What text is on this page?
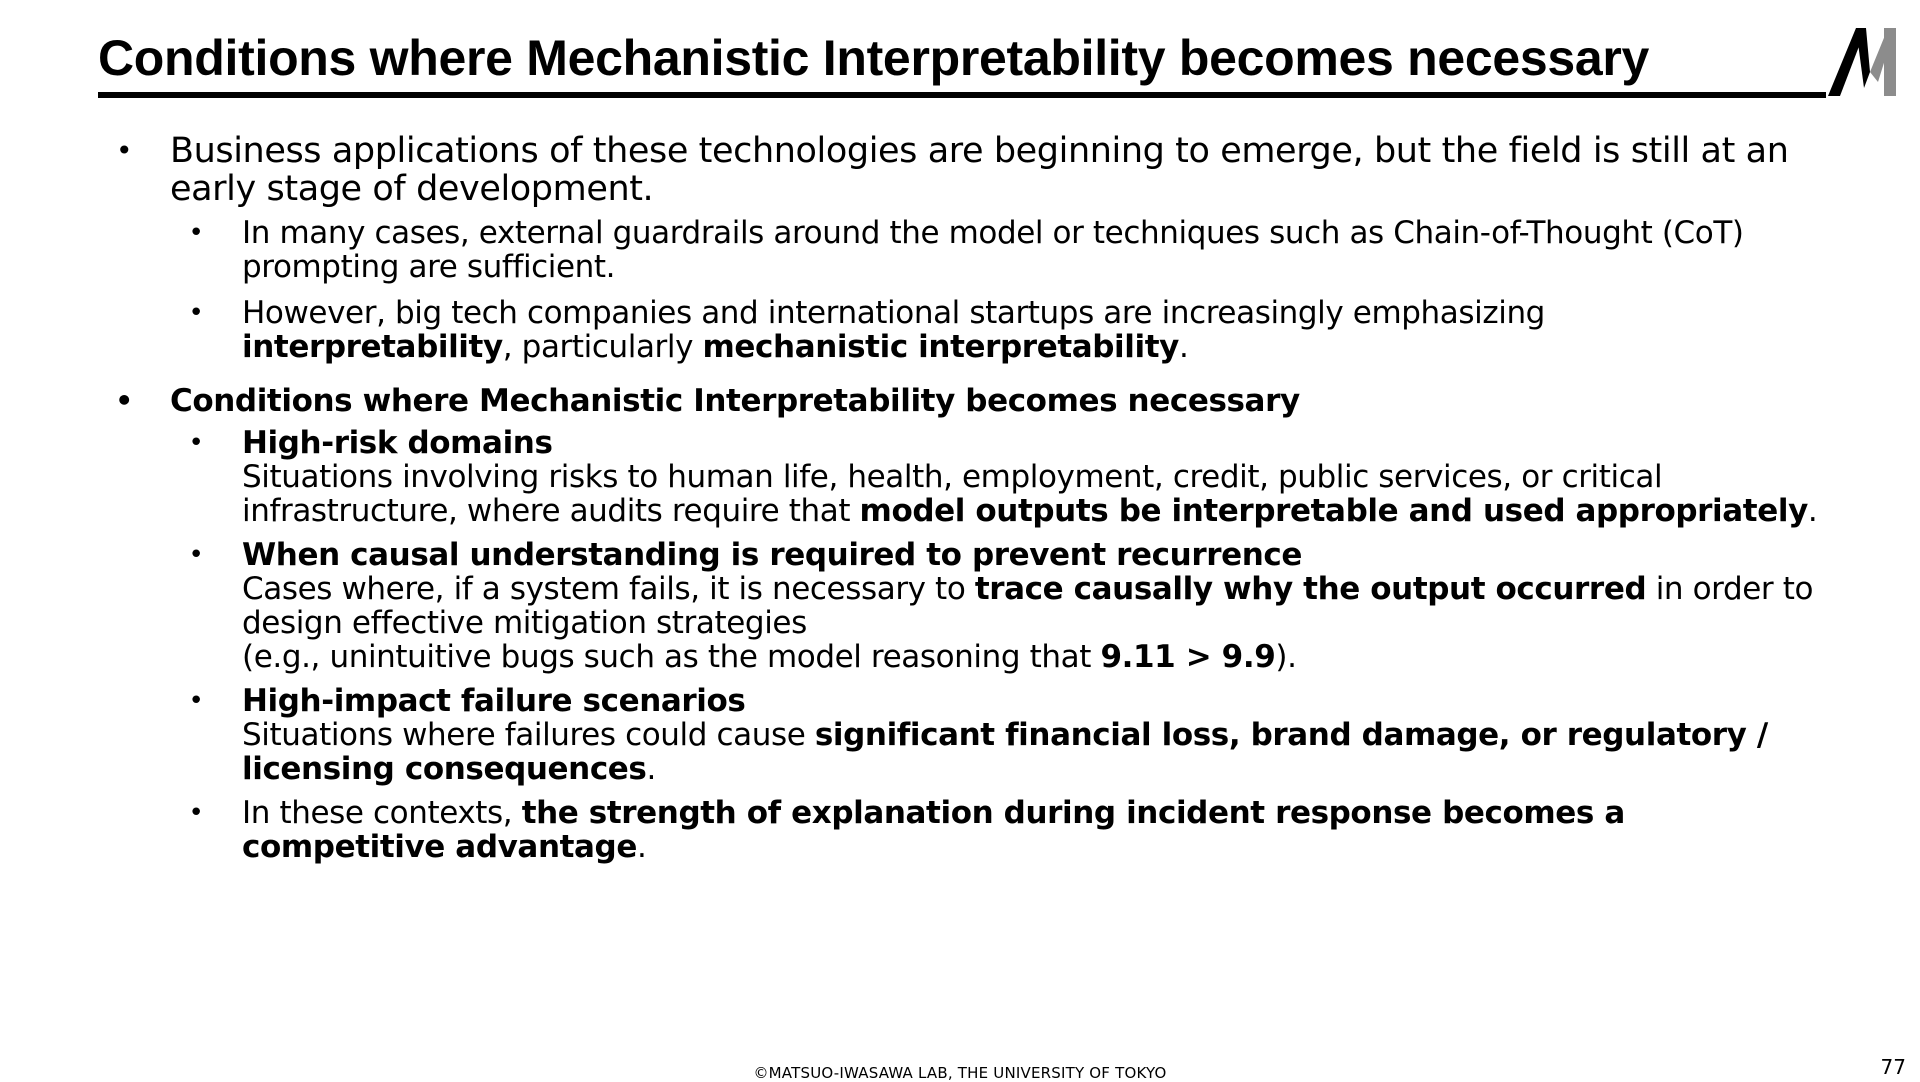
Conditions where Mechanistic Interpretability becomes necessary
•	Business applications of these technologies are beginning to emerge, but the field is still at an early stage of development.
•	In many cases, external guardrails around the model or techniques such as Chain-of-Thought (CoT) prompting are sufficient.
•	However, big tech companies and international startups are increasingly emphasizing interpretability, particularly mechanistic interpretability.
•	Conditions where Mechanistic Interpretability becomes necessary
•	High-risk domains
Situations involving risks to human life, health, employment, credit, public services, or critical infrastructure, where audits require that model outputs be interpretable and used appropriately.
•	When causal understanding is required to prevent recurrence
Cases where, if a system fails, it is necessary to trace causally why the output occurred in order to design effective mitigation strategies
(e.g., unintuitive bugs such as the model reasoning that 9.11 > 9.9).
•	High-impact failure scenarios
Situations where failures could cause significant financial loss, brand damage, or regulatory / licensing consequences.
•	In these contexts, the strength of explanation during incident response becomes a competitive advantage.
©MATSUO-IWASAWA LAB, THE UNIVERSITY OF TOKYO	77
